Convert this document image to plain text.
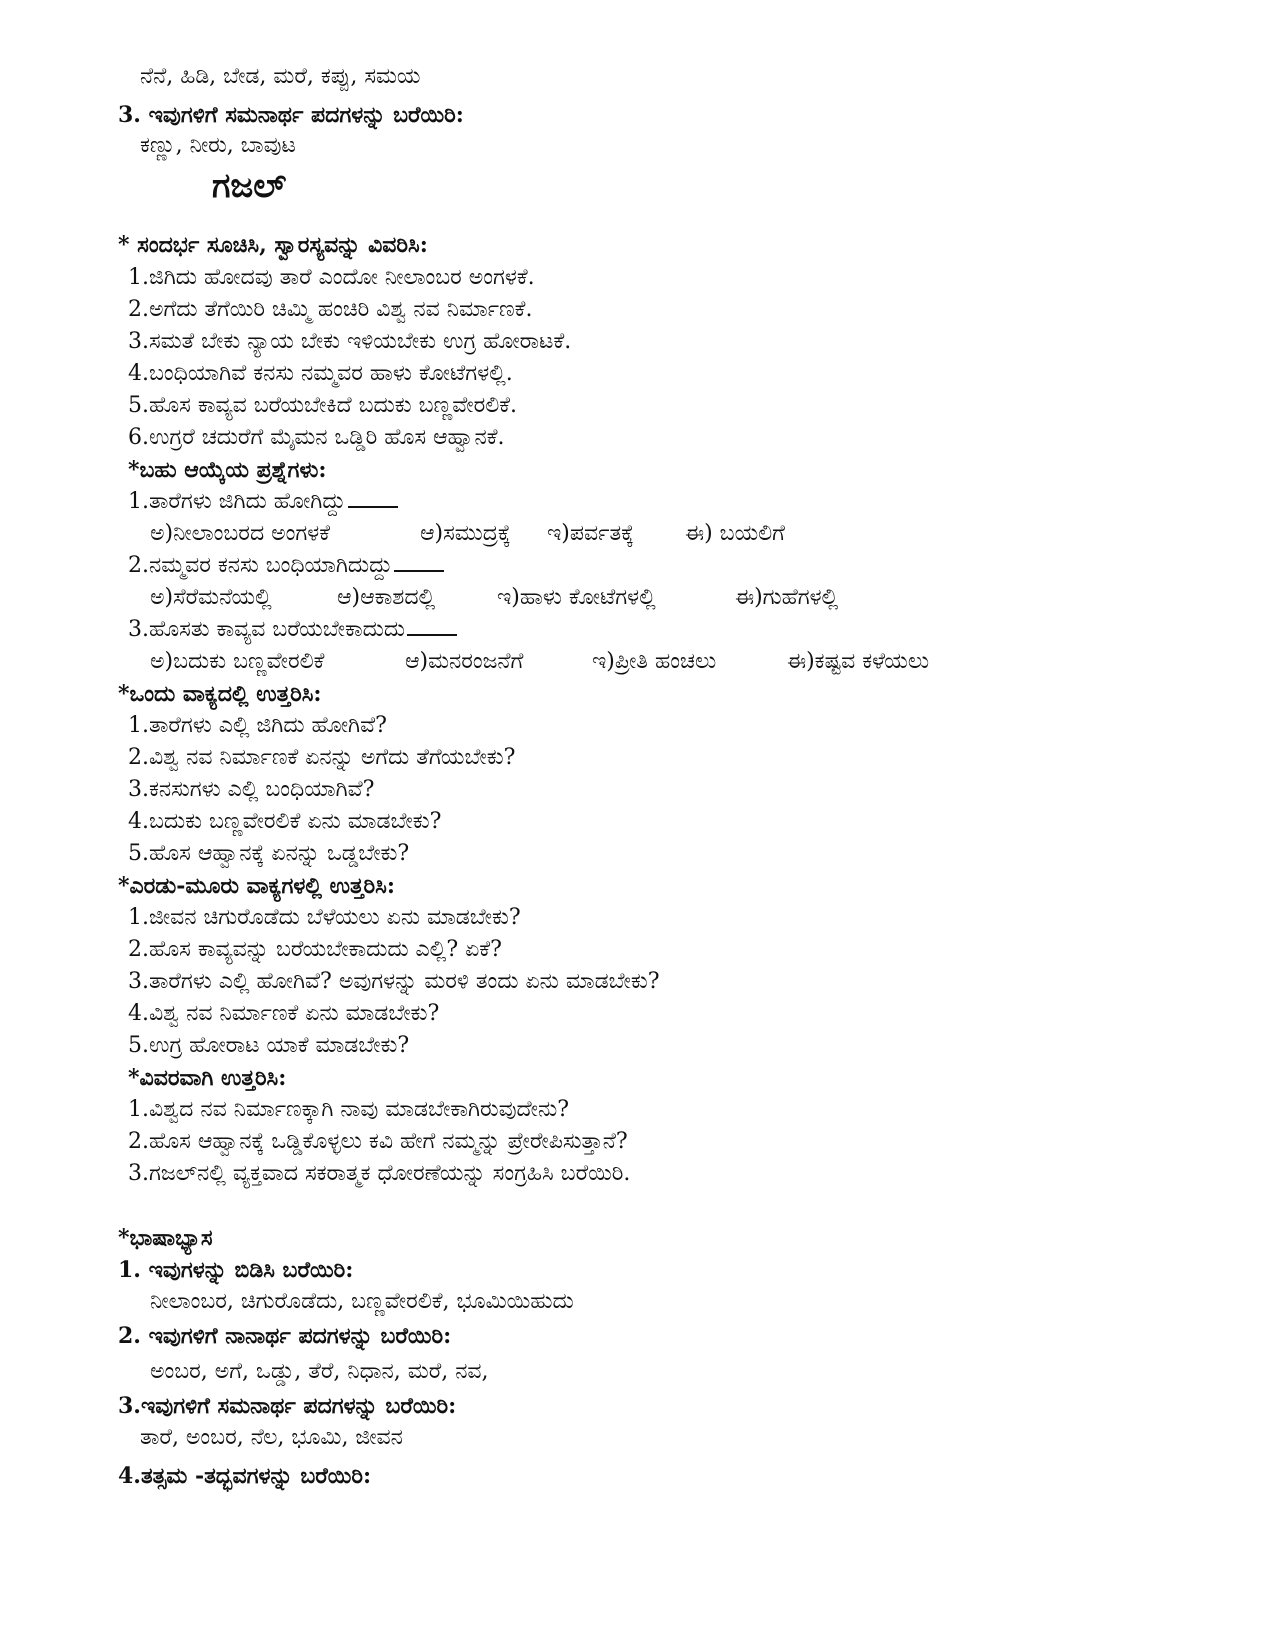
ನೆನೆ, ಹಿಡಿ, ಬೇಡ, ಮರೆ, ಕಪ್ಪು, ಸಮಯ
3. ಇವುಗಳಿಗೆ ಸಮನಾರ್ಥ ಪದಗಳನ್ನು ಬರೆಯಿರಿ:
ಕಣ್ಣು, ನೀರು, ಬಾವುಟ
ಗಜಲ್
* ಸಂದರ್ಭ ಸೂಚಿಸಿ, ಸ್ವಾರಸ್ಯವನ್ನು ವಿವರಿಸಿ:
1.ಜಿಗಿದು ಹೋದವು ತಾರೆ ಎಂದೋ ನೀಲಾಂಬರ ಅಂಗಳಕೆ.
2.ಅಗೆದು ತೆಗೆಯಿರಿ ಚಿಮ್ಮಿ ಹಂಚಿರಿ ವಿಶ್ವ ನವ ನಿರ್ಮಾಣಕೆ.
3.ಸಮತೆ ಬೇಕು ನ್ಯಾಯ ಬೇಕು ಇಳಿಯಬೇಕು ಉಗ್ರ ಹೋರಾಟಕೆ.
4.ಬಂಧಿಯಾಗಿವೆ ಕನಸು ನಮ್ಮವರ ಹಾಳು ಕೋಟೆಗಳಲ್ಲಿ.
5.ಹೊಸ ಕಾವ್ಯವ ಬರೆಯಬೇಕಿದೆ ಬದುಕು ಬಣ್ಣವೇರಲಿಕೆ.
6.ಉಗ್ರರೆ ಚದುರೆಗೆ ಮೈಮನ ಒಡ್ಡಿರಿ ಹೊಸ ಆಹ್ವಾನಕೆ.
*ಬಹು ಆಯ್ಕೆಯ ಪ್ರಶ್ನೆಗಳು:
1.ತಾರೆಗಳು ಜಿಗಿದು ಹೋಗಿದ್ದು
ಅ)ನೀಲಾಂಬರದ ಅಂಗಳಕೆ	ಆ)ಸಮುದ್ರಕ್ಕೆ ಇ)ಪರ್ವತಕ್ಕೆ ಈ) ಬಯಲಿಗೆ
2.ನಮ್ಮವರ ಕನಸು ಬಂಧಿಯಾಗಿದುದ್ದು
ಅ)ಸೆರೆಮನೆಯಲ್ಲಿ	ಆ)ಆಕಾಶದಲ್ಲಿ	ಇ)ಹಾಳು ಕೋಟೆಗಳಲ್ಲಿ	ಈ)ಗುಹೆಗಳಲ್ಲಿ
3.ಹೊಸತು ಕಾವ್ಯವ ಬರೆಯಬೇಕಾದುದು
ಅ)ಬದುಕು ಬಣ್ಣವೇರಲಿಕೆ	ಆ)ಮನರಂಜನೆಗೆ	ಇ)ಪ್ರೀತಿ ಹಂಚಲು	ಈ)ಕಷ್ಟವ ಕಳೆಯಲು
*ಒಂದು ವಾಕ್ಯದಲ್ಲಿ ಉತ್ತರಿಸಿ:
1.ತಾರೆಗಳು ಎಲ್ಲಿ ಜಿಗಿದು ಹೋಗಿವೆ?
2.ವಿಶ್ವ ನವ ನಿರ್ಮಾಣಕೆ ಏನನ್ನು ಅಗೆದು ತೆಗೆಯಬೇಕು?
3.ಕನಸುಗಳು ಎಲ್ಲಿ ಬಂಧಿಯಾಗಿವೆ?
4.ಬದುಕು ಬಣ್ಣವೇರಲಿಕೆ ಏನು ಮಾಡಬೇಕು?
5.ಹೊಸ ಆಹ್ವಾನಕ್ಕೆ ಏನನ್ನು ಒಡ್ಡಬೇಕು?
*ಎರಡು-ಮೂರು ವಾಕ್ಯಗಳಲ್ಲಿ ಉತ್ತರಿಸಿ:
1.ಜೀವನ ಚಿಗುರೊಡೆದು ಬೆಳೆಯಲು ಏನು ಮಾಡಬೇಕು?
2.ಹೊಸ ಕಾವ್ಯವನ್ನು ಬರೆಯಬೇಕಾದುದು ಎಲ್ಲಿ? ಏಕೆ?
3.ತಾರೆಗಳು ಎಲ್ಲಿ ಹೋಗಿವೆ? ಅವುಗಳನ್ನು ಮರಳಿ ತಂದು ಏನು ಮಾಡಬೇಕು?
4.ವಿಶ್ವ ನವ ನಿರ್ಮಾಣಕೆ ಏನು ಮಾಡಬೇಕು?
5.ಉಗ್ರ ಹೋರಾಟ ಯಾಕೆ ಮಾಡಬೇಕು?
*ವಿವರವಾಗಿ ಉತ್ತರಿಸಿ:
1.ವಿಶ್ವದ ನವ ನಿರ್ಮಾಣಕ್ಕಾಗಿ ನಾವು ಮಾಡಬೇಕಾಗಿರುವುದೇನು?
2.ಹೊಸ ಆಹ್ವಾನಕ್ಕೆ ಒಡ್ಡಿಕೊಳ್ಳಲು ಕವಿ ಹೇಗೆ ನಮ್ಮನ್ನು ಪ್ರೇರೇಪಿಸುತ್ತಾನೆ?
3.ಗಜಲ್‌ನಲ್ಲಿ ವ್ಯಕ್ತವಾದ ಸಕರಾತ್ಮಕ ಧೋರಣೆಯನ್ನು ಸಂಗ್ರಹಿಸಿ ಬರೆಯಿರಿ.
*ಭಾಷಾಭ್ಯಾಸ
1. ಇವುಗಳನ್ನು ಬಿಡಿಸಿ ಬರೆಯಿರಿ:
ನೀಲಾಂಬರ, ಚಿಗುರೊಡೆದು, ಬಣ್ಣವೇರಲಿಕೆ, ಭೂಮಿಯಿಹುದು
2. ಇವುಗಳಿಗೆ ನಾನಾರ್ಥ ಪದಗಳನ್ನು ಬರೆಯಿರಿ:
ಅಂಬರ, ಅಗೆ, ಒಡ್ಡು, ತೆರೆ, ನಿಧಾನ, ಮರೆ, ನವ,
3.ಇವುಗಳಿಗೆ ಸಮನಾರ್ಥ ಪದಗಳನ್ನು ಬರೆಯಿರಿ:
ತಾರೆ, ಅಂಬರ, ನೆಲ, ಭೂಮಿ, ಜೀವನ
4.ತತ್ಸಮ -ತದ್ಭವಗಳನ್ನು ಬರೆಯಿರಿ:
